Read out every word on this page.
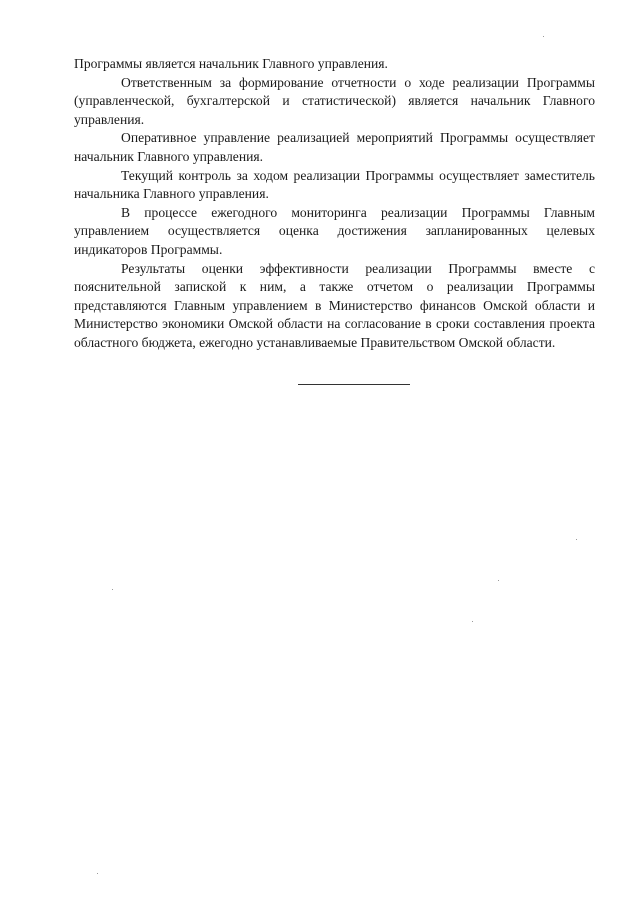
Программы является начальник Главного управления.

Ответственным за формирование отчетности о ходе реализации Программы (управленческой, бухгалтерской и статистической) является начальник Главного управления.

Оперативное управление реализацией мероприятий Программы осуществляет начальник Главного управления.

Текущий контроль за ходом реализации Программы осуществляет заместитель начальника Главного управления.

В процессе ежегодного мониторинга реализации Программы Главным управлением осуществляется оценка достижения запланированных целевых индикаторов Программы.

Результаты оценки эффективности реализации Программы вместе с пояснительной запиской к ним, а также отчетом о реализации Программы представляются Главным управлением в Министерство финансов Омской области и Министерство экономики Омской области на согласование в сроки составления проекта областного бюджета, ежегодно устанавливаемые Правительством Омской области.
